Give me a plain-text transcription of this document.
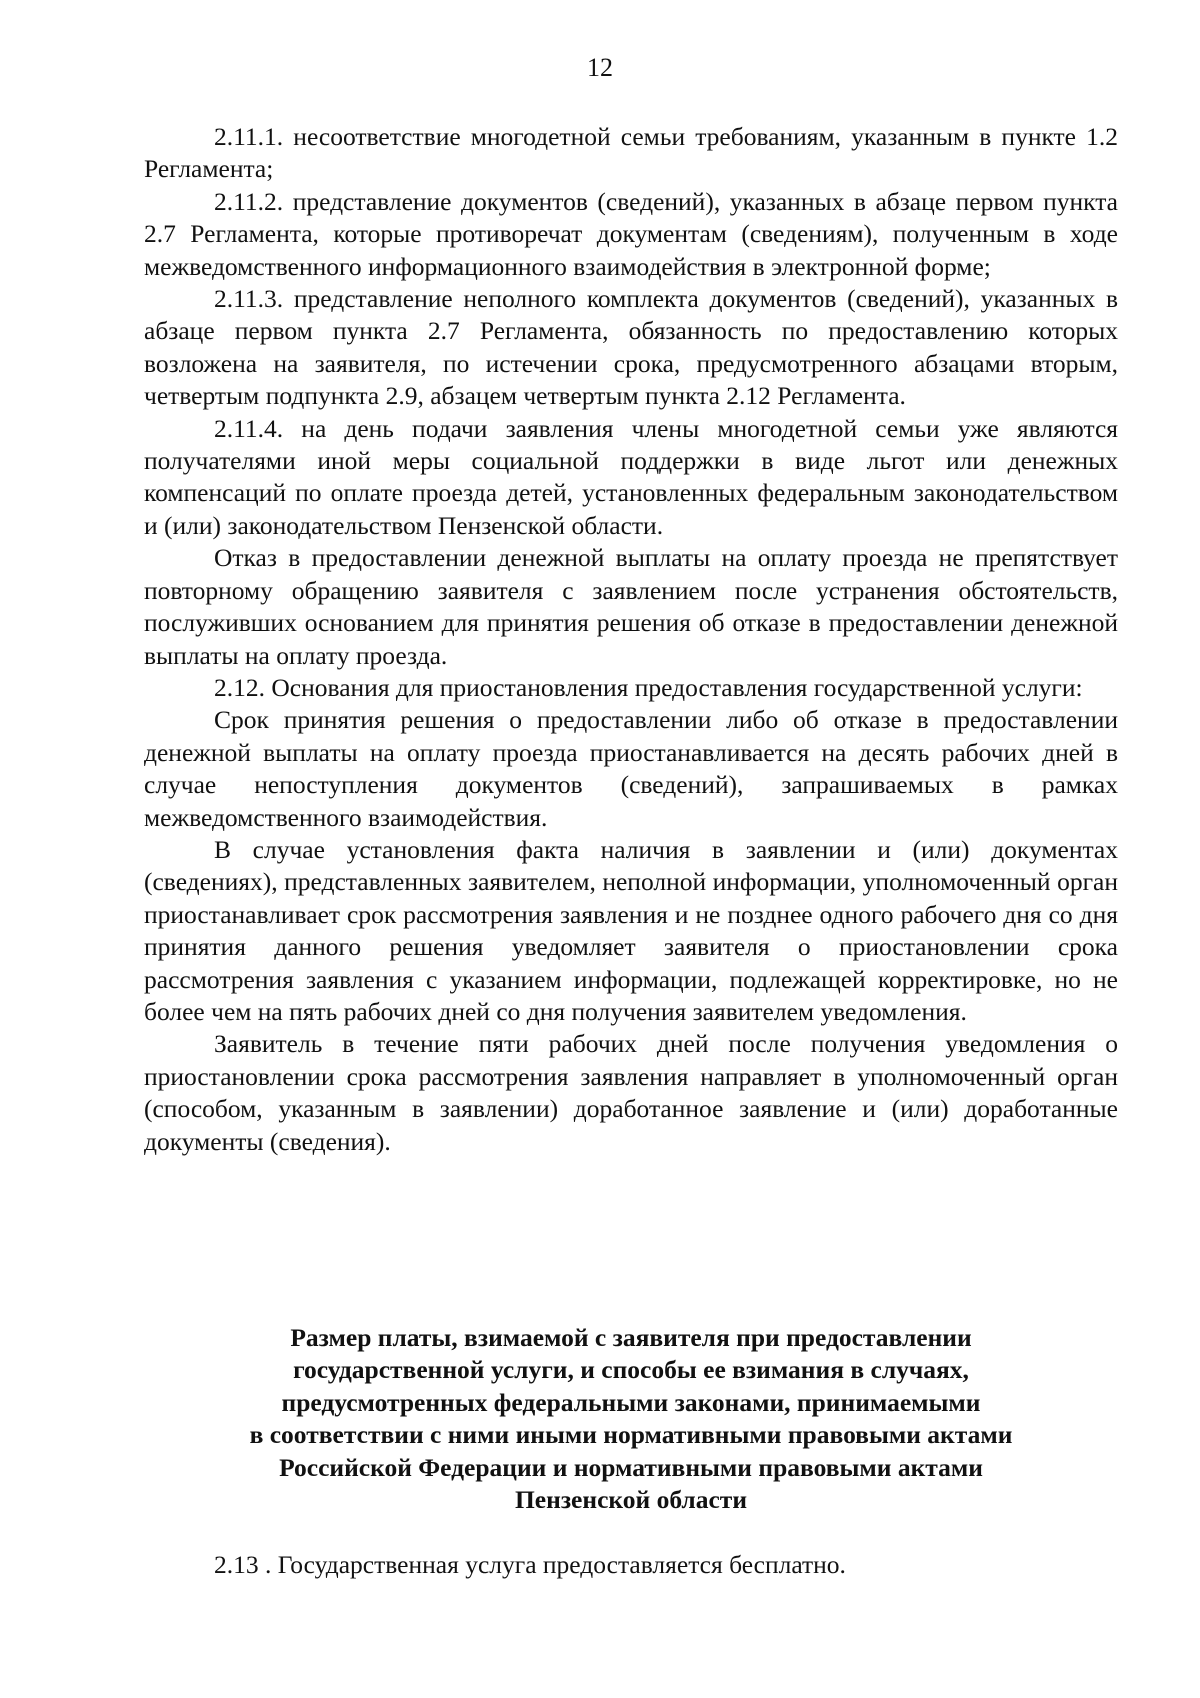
12

2.11.1. несоответствие многодетной семьи требованиям, указанным в пункте 1.2 Регламента;

2.11.2. представление документов (сведений), указанных в абзаце первом пункта 2.7 Регламента, которые противоречат документам (сведениям), полученным в ходе межведомственного информационного взаимодействия в электронной форме;

2.11.3. представление неполного комплекта документов (сведений), указанных в абзаце первом пункта 2.7 Регламента, обязанность по предоставлению которых возложена на заявителя, по истечении срока, предусмотренного абзацами вторым, четвертым подпункта 2.9, абзацем четвертым пункта 2.12 Регламента.

2.11.4. на день подачи заявления члены многодетной семьи уже являются получателями иной меры социальной поддержки в виде льгот или денежных компенсаций по оплате проезда детей, установленных федеральным законодательством и (или) законодательством Пензенской области.

Отказ в предоставлении денежной выплаты на оплату проезда не препятствует повторному обращению заявителя с заявлением после устранения обстоятельств, послуживших основанием для принятия решения об отказе в предоставлении денежной выплаты на оплату проезда.

2.12. Основания для приостановления предоставления государственной услуги:

Срок принятия решения о предоставлении либо об отказе в предоставлении денежной выплаты на оплату проезда приостанавливается на десять рабочих дней в случае непоступления документов (сведений), запрашиваемых в рамках межведомственного взаимодействия.

В случае установления факта наличия в заявлении и (или) документах (сведениях), представленных заявителем, неполной информации, уполномоченный орган приостанавливает срок рассмотрения заявления и не позднее одного рабочего дня со дня принятия данного решения уведомляет заявителя о приостановлении срока рассмотрения заявления с указанием информации, подлежащей корректировке, но не более чем на пять рабочих дней со дня получения заявителем уведомления.

Заявитель в течение пяти рабочих дней после получения уведомления о приостановлении срока рассмотрения заявления направляет в уполномоченный орган (способом, указанным в заявлении) доработанное заявление и (или) доработанные документы (сведения).

Размер платы, взимаемой с заявителя при предоставлении
государственной услуги, и способы ее взимания в случаях,
предусмотренных федеральными законами, принимаемыми
в соответствии с ними иными нормативными правовыми актами
Российской Федерации и нормативными правовыми актами
Пензенской области

2.13 . Государственная услуга предоставляется бесплатно.
